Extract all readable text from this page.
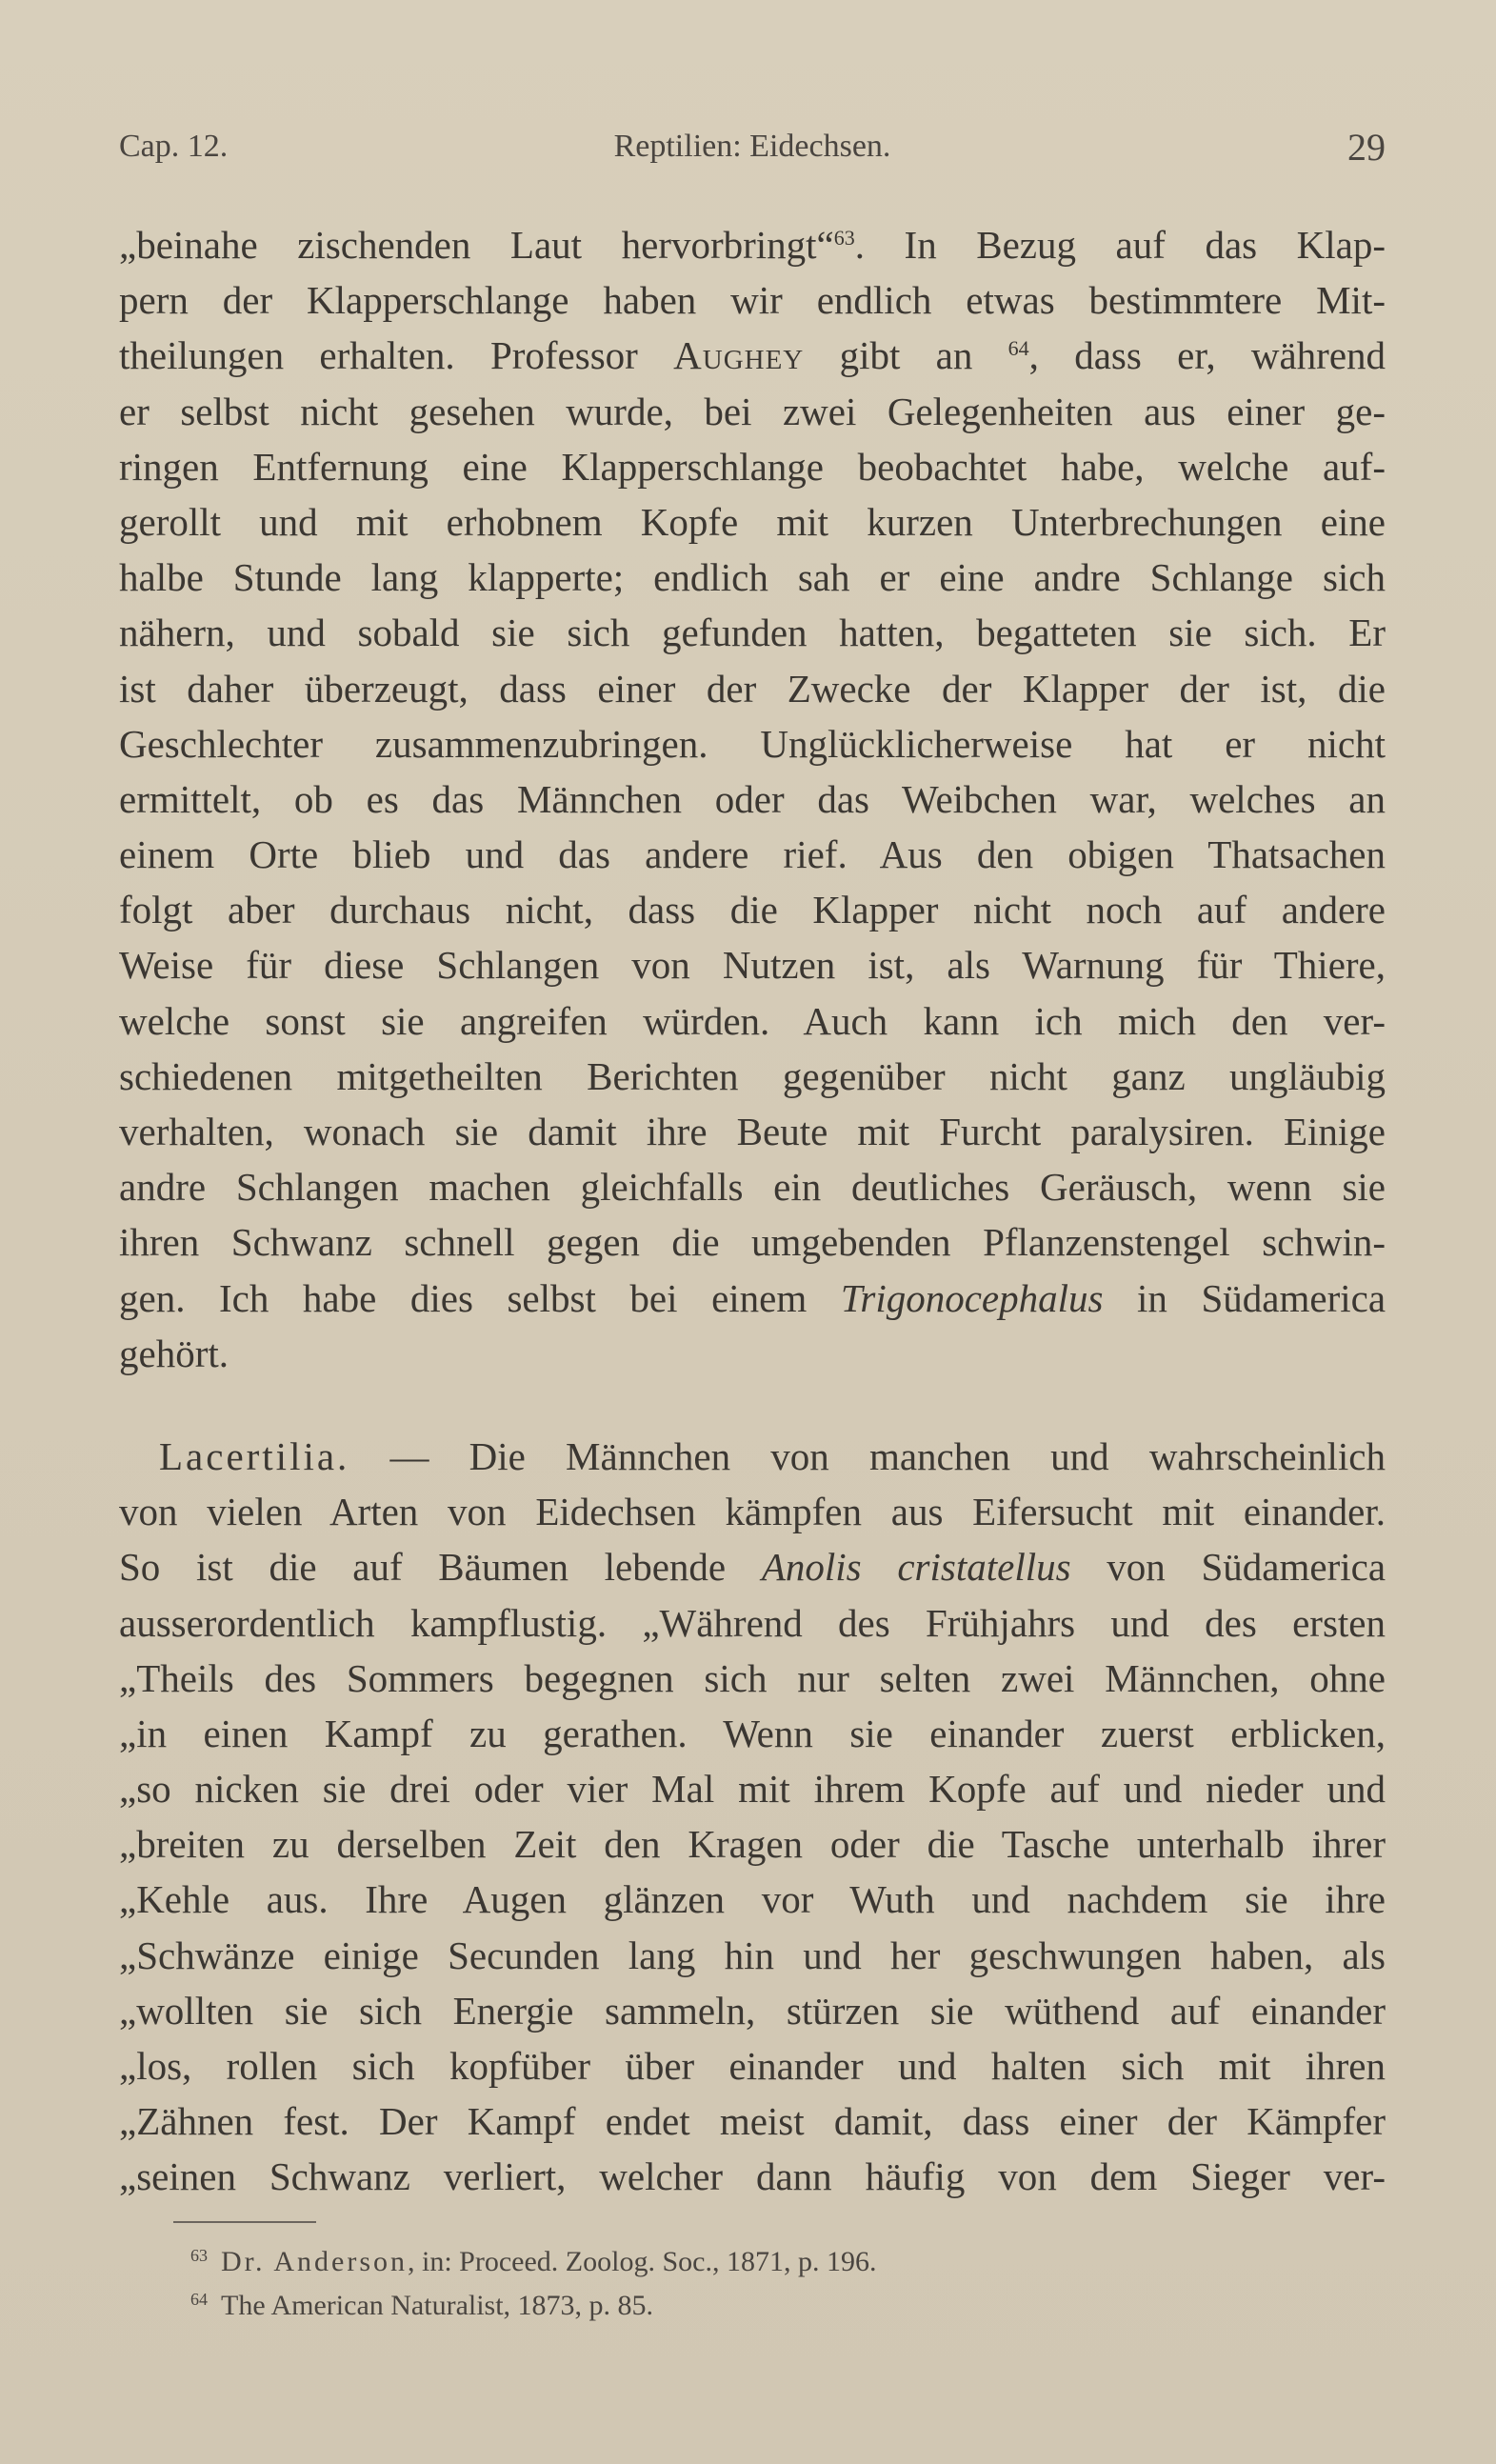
Cap. 12.	Reptilien: Eidechsen.	29
„beinahe zischenden Laut hervorbringt“$^{63}$. In Bezug auf das Klap-
pern der Klapperschlange haben wir endlich etwas bestimmtere Mit-
theilungen erhalten. Professor Aughey gibt an $^{64}$, dass er, während
er selbst nicht gesehen wurde, bei zwei Gelegenheiten aus einer ge-
ringen Entfernung eine Klapperschlange beobachtet habe, welche auf-
gerollt und mit erhobnem Kopfe mit kurzen Unterbrechungen eine
halbe Stunde lang klapperte; endlich sah er eine andre Schlange sich
nähern, und sobald sie sich gefunden hatten, begatteten sie sich. Er
ist daher überzeugt, dass einer der Zwecke der Klapper der ist, die
Geschlechter zusammenzubringen. Unglücklicherweise hat er nicht
ermittelt, ob es das Männchen oder das Weibchen war, welches an
einem Orte blieb und das andere rief. Aus den obigen Thatsachen
folgt aber durchaus nicht, dass die Klapper nicht noch auf andere
Weise für diese Schlangen von Nutzen ist, als Warnung für Thiere,
welche sonst sie angreifen würden. Auch kann ich mich den ver-
schiedenen mitgetheilten Berichten gegenüber nicht ganz ungläubig
verhalten, wonach sie damit ihre Beute mit Furcht paralysiren. Einige
andre Schlangen machen gleichfalls ein deutliches Geräusch, wenn sie
ihren Schwanz schnell gegen die umgebenden Pflanzenstengel schwin-
gen. Ich habe dies selbst bei einem Trigonocephalus in Südamerica
gehört.
Lacertilia. — Die Männchen von manchen und wahrscheinlich
von vielen Arten von Eidechsen kämpfen aus Eifersucht mit einander.
So ist die auf Bäumen lebende Anolis cristatellus von Südamerica
ausserordentlich kampflustig. „Während des Frühjahrs und des ersten
„Theils des Sommers begegnen sich nur selten zwei Männchen, ohne
„in einen Kampf zu gerathen. Wenn sie einander zuerst erblicken,
„so nicken sie drei oder vier Mal mit ihrem Kopfe auf und nieder und
„breiten zu derselben Zeit den Kragen oder die Tasche unterhalb ihrer
„Kehle aus. Ihre Augen glänzen vor Wuth und nachdem sie ihre
„Schwänze einige Secunden lang hin und her geschwungen haben, als
„wollten sie sich Energie sammeln, stürzen sie wüthend auf einander
„los, rollen sich kopfüber über einander und halten sich mit ihren
„Zähnen fest. Der Kampf endet meist damit, dass einer der Kämpfer
„seinen Schwanz verliert, welcher dann häufig von dem Sieger ver-
$^{63}$ Dr. Anderson, in: Proceed. Zoolog. Soc., 1871, p. 196.
$^{64}$ The American Naturalist, 1873, p. 85.
